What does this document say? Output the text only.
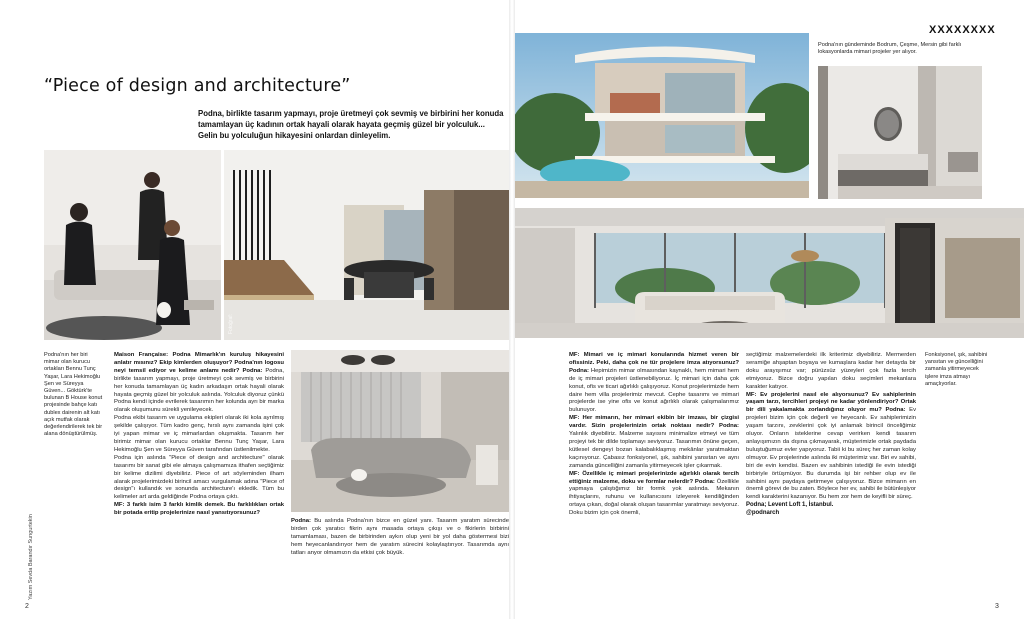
XXXXXXXX
“Piece of design and architecture”
Podna, birlikte tasarım yapmayı, proje üretmeyi çok sevmiş ve birbirini her konuda tamamlayan üç kadının ortak hayali olarak hayata geçmiş güzel bir yolculuk... Gelin bu yolculuğun hikayesini onlardan dinleyelim.
Podna'nın gündeminde Bodrum, Çeşme, Mersin gibi farklı lokasyonlarda mimari projeler yer alıyor.
Podna'nın her biri mimar olan kurucu ortakları Bennu Tunç Yaşar, Lara Hekimoğlu Şen ve Süreyya Güven... Göktürk'te bulunan B House konut projesinde bahçe katı dublex dairenin alt katı açık mutfak olarak değerlendirilerek tek bir alana dönüştürülmüş.
Yazım Sevda Barandır Sungurtekin
Fotoğraf:

Maison Française: Podna Mimarlık'ın kuruluş hikayesini anlatır mısınız? Ekip kimlerden oluşuyor? Podna'nın logosu neyi temsil ediyor ve kelime anlamı nedir? Podna: Podna, birlikte tasarım yapmayı, proje üretmeyi çok sevmiş ve birbirini her konuda tamamlayan üç kadın arkadaşın ortak hayali olarak hayata geçmiş güzel bir yolculuk aslında. Yolculuk diyoruz çünkü Podna kendi içinde evrilerek tasarımın her kolunda ayrı bir marka olarak oluşumunu sürekli yenileyecek.

Podna ekibi tasarım ve uygulama ekipleri olarak iki kola ayrılmış şekilde çalışıyor. Tüm kadro genç, hırslı aynı zamanda işini çok iyi yapan mimar ve iç mimarlardan oluşmakta. Tasarım her birimiz mimar olan kurucu ortaklar Bennu Tunç Yaşar, Lara Hekimoğlu Şen ve Süreyya Güven tarafından üstlenilmekte.

Podna için aslında "Piece of design and architecture" olarak tasarımı bir sanat gibi ele almaya çalışmamıza ithafen seçtiğimiz bir kelime dizilimi diyebiliriz. Piece of art söyleminden ilham alarak projelerimizdeki birincil amacı vurgulamak adına "Piece of design"ı kullandık ve sonunda architecture'ı ekledik. Tüm bu kelimeler art arda geldiğinde Podna ortaya çıktı.

MF: 3 farklı isim 3 farklı kimlik demek. Bu farklılıkları ortak bir potada eritip projelerinize nasıl yansıtıyorsunuz?

Podna: Bu aslında Podna'nın bizce en güzel yanı. Tasarım yaratım sürecinde birden çok yaratıcı fikrin aynı masada ortaya çıkışı ve o fikirlerin birbirini tamamlaması, bazen de birbirinden aykırı olup yeni bir yol daha göstermesi bizi hem heyecanlandırıyor hem de yaratım sürecini kolaylaştırıyor. Tasarımda aynı tatları anyor olmamızın da etkisi çok büyük.

MF: Mimari ve iç mimari konularında hizmet veren bir ofissiniz. Peki, daha çok ne tür projelere imza atıyorsunuz? Podna: Hepimizin mimar olmasından kaynaklı, hem mimari hem de iç mimari projeleri üstlenebiliyoruz. İç mimari için daha çok konut, ofis ve ticari ağırlıklı çalışıyoruz. Konut projelerimizde hem daire hem villa projelerimiz mevcut. Cephe tasarımı ve mimari projelerde ise yine ofis ve konut ağırlıklı olarak çalışmalarımız bulunuyor.

MF: Her mimarın, her mimari ekibin bir imzası, bir çizgisi vardır. Sizin projelerinizin ortak noktası nedir? Podna: Yalınlık diyebiliriz. Malzeme sayısını minimalize etmeyi ve tüm projeyi tek bir dilde toplamayı seviyoruz. Tasarımın önüne geçen, kütlesel dengeyi bozan kalabalıklaşmış mekânlar yaratmaktan kaçınıyoruz. Çabasız fonksiyonel, şık, sahibini yansıtan ve aynı zamanda güncelliğini zamanla yitirmeyecek işler çıkarmak.

MF: Özellikle iç mimari projelerinizde ağırlıklı olarak tercih ettiğiniz malzeme, doku ve formlar nelerdir? Podna: Özellikle yapmaya çalıştığımız bir formk yok aslında. Mekanın ihtiyaçlarını, ruhunu ve kullanıcısını izleyerek kendiliğinden ortaya çıkan, doğal olarak oluşan tasarımlar yaratmayı seviyoruz. Doku bizim için çok önemli,

seçtiğimiz malzemelerdeki ilk kriterimiz diyebiliriz. Mermerden seramiğe ahşaptan boyaya ve kumaşlara kadar her detayda bir doku arayışımız var; pürüzsüz yüzeyleri çok fazla tercih etmiyoruz. Bizce doğru yapılan doku seçimleri mekanlara karakter katıyor.

MF: Ev projelerini nasıl ele alıyorsunuz? Ev sahiplerinin yaşam tarzı, tercihleri projeyi ne kadar yönlendiriyor? Ortak bir dili yakalamakta zorlandığınız oluyor mu? Podna: Ev projeleri bizim için çok değerli ve heyecanlı. Ev sahiplerimizin yaşam tarzını, zevklerini çok iyi anlamak birincil önceliğimiz oluyor. Onların isteklerine cevap verirken kendi tasarım anlayışımızın da dışına çıkmayarak, müşterimizle ortak paydada buluştuğumuz evler yapıyoruz. Tabii ki bu süreç her zaman kolay olmuyor. Ev projelerinde aslında iki müşterimiz var. Biri ev sahibi, biri de evin kendisi. Bazen ev sahibinin istediği ile evin istediği birbiriyle örtüşmüyor. Bu durumda işi bir rehber olup ev ile sahibini aynı paydaya getirmeye çalışıyoruz. Bizce mimarın en önemli görevi de bu zaten. Böylece her ev, sahibi ile bütünleşiyor kendi karakterini kazanıyor. Bu hem zor hem de keyifli bir süreç.

Podna; Levent Loft 1, İstanbul.
@podnarch
Fonksiyonel, şık, sahibini yansıtan ve güncelliğini zamanla yitirmeyecek işlere imza atmayı amaçlıyorlar.
2	3
